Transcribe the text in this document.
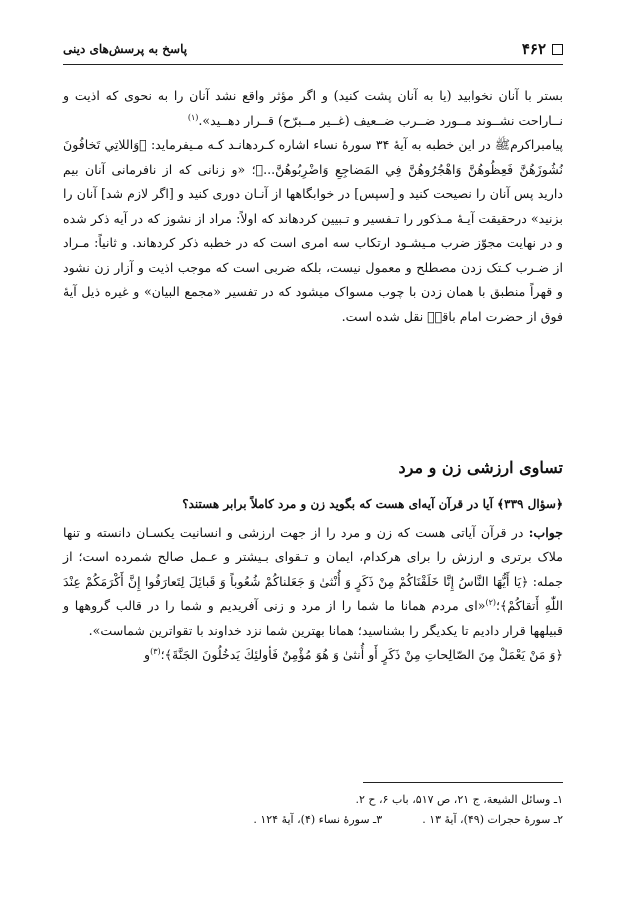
۴۶۲
پاسخ به پرسش‌های دینی

بستر با آنان نخوابید (یا به آنان پشت کنید) و اگر مؤثر واقع نشد آنان را به نحوی که اذیت و نــاراحت نشــوند مــورد ضــرب ضــعیف (غــیر مــبرّح) قــرار دهــید».$^{(۱)}$

پیامبراکرمﷺ در این خطبه به آیهٔ ۳۴ سورهٔ نساء اشاره کـردهانـد کـه مـیفرماید: ﴿وَاللاتِي تَخافُونَ نُشُوزَهُنَّ فَعِظُوهُنَّ وَاهْجُرُوهُنَّ فِي المَضاجِعِ وَاضْرِبُوهُنَّ...﴾؛ «و زنانی که از نافرمانی آنان بیم دارید پس آنان را نصیحت کنید و [سپس] در خوابگاهها از آنـان دوری کنید و [اگر لازم شد] آنان را بزنید» درحقیقت آیـهٔ مـذکور را تـفسیر و تـبیین کردهاند که اولاً: مراد از نشوز که در آیه ذکر شده و در نهایت مجوّز ضرب مـیشـود ارتکاب سه امری است که در خطبه ذکر کردهاند. و ثانیاً: مـراد از ضـرب کـتک زدن مصطلح و معمول نیست، بلکه ضربی است که موجب اذیت و آزار زن نشود و قهراً منطبق با همان زدن با چوب مسواک میشود که در تفسیر «مجمع البیان» و غیره ذیل آیهٔ فوق از حضرت امام باقرؑ نقل شده است.

تساوی ارزشی زن و مرد

﴿سؤال ۳۳۹﴾ آیا در قرآن آیه‌ای هست که بگوید زن و مرد کاملاً برابر هستند؟

جواب: در قرآن آیاتی هست که زن و مرد را از جهت ارزشی و انسانیت یکسـان دانسته و تنها ملاک برتری و ارزش را برای هرکدام، ایمان و تـقوای بـیشتر و عـمل صالح شمرده است؛ از جمله: ﴿يَا أَيُّهَا النَّاسُ إِنَّا خَلَقْنَاكُمْ مِنْ ذَكَرٍ وَ أُنْثىٰ وَ جَعَلناكُمْ شُعُوباً وَ قَبائِلَ لِتَعارَفُوا إِنَّ أَكْرَمَكُمْ عِنْدَ اللّٰهِ أَتقاكُمْ﴾؛$^{(۲)}$«ای مردم همانا ما شما را از مرد و زنی آفریدیم و شما را در قالب گروهها و قبیلهها قرار دادیم تا یکدیگر را بشناسید؛ همانا بهترین شما نزد خداوند با تقواترین شماست».

﴿وَ مَنْ يَعْمَلْ مِنَ الصّالِحاتِ مِنْ ذَكَرٍ أَو أُنثىٰ وَ هُوَ مُؤْمِنٌ فَأولئِكَ يَدخُلُونَ الجَنَّةَ﴾؛$^{(۳)}$و

۱ـ وسائل الشیعة، ج ۲۱، ص ۵۱۷، باب ۶، ح ۲.
۲ـ سورهٔ حجرات (۴۹)، آیهٔ ۱۳ .
۳ـ سورهٔ نساء (۴)، آیهٔ ۱۲۴ .
